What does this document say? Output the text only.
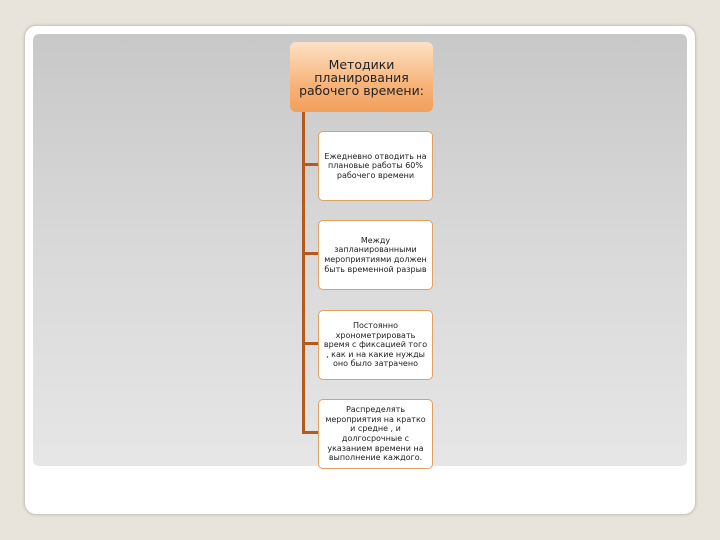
Методики планирования рабочего времени:
Ежедневно отводить на плановые работы 60% рабочего времени
Между запланированными мероприятиями должен быть временной разрыв
Постоянно хронометрировать время с фиксацией того , как и на какие нужды оно было затрачено
Распределять мероприятия на кратко и средне , и долгосрочные с указанием времени на выполнение каждого.
